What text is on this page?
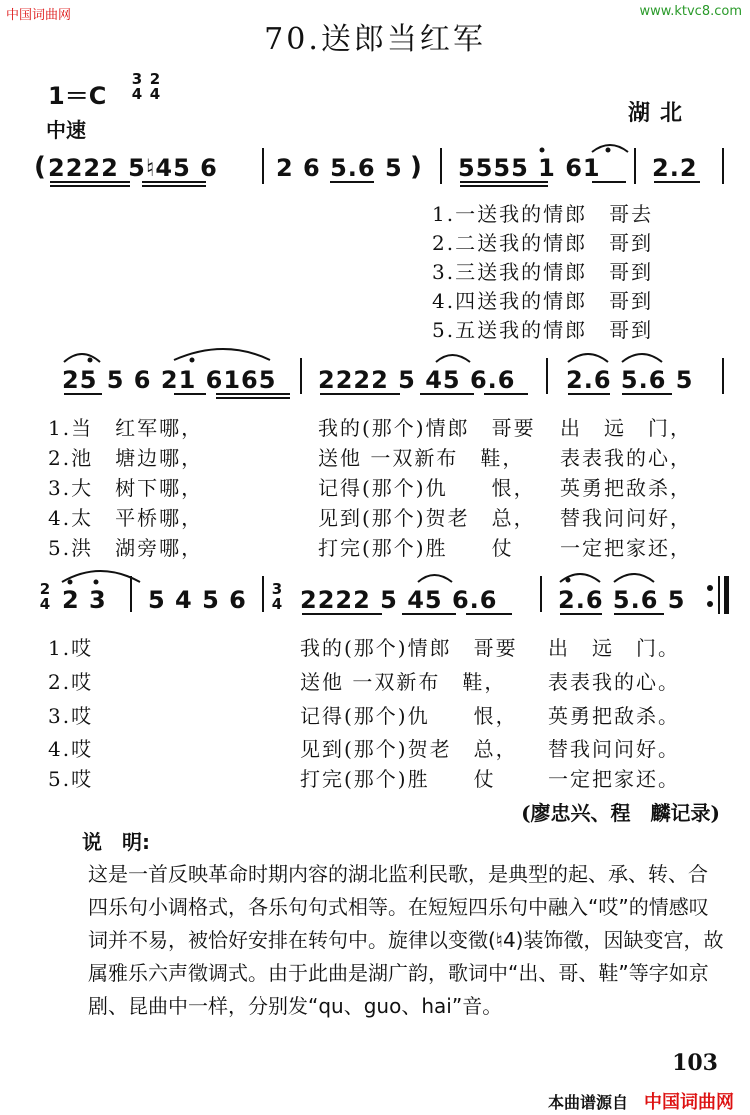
中国词曲网	www.ktvc8.com
70.送郎当红军
1＝C
3 2
4 4
中速
湖北
( 2222 5♮45 6 2 6 5.6 5 ) 5555 1 61 2.2
1.一送我的情郎　哥去
2.二送我的情郎　哥到
3.三送我的情郎　哥到
4.四送我的情郎　哥到
5.五送我的情郎　哥到
25 5 6 21 6165 2222 5 45 6.6 2.6 5.6 5
1.当　红军哪，	我的(那个)情郎　哥要 出　远　门，
2.池　塘边哪，	送他 一双新布　鞋， 表表我的心，
3.大　树下哪，	记得(那个)仇　　恨， 英勇把敌杀，
4.太　平桥哪，	见到(那个)贺老　总， 替我问问好，
5.洪　湖旁哪，	打完(那个)胜　　仗 一定把家还，
2
4 2 3 5 4 5 6 3
4 2222 5 45 6.6	2.6 5.6 5
1.哎	我的(那个)情郎　哥要 出　远　门。
2.哎	送他 一双新布　鞋， 表表我的心。
3.哎	记得(那个)仇　　恨， 英勇把敌杀。
4.哎	见到(那个)贺老　总， 替我问问好。
5.哎	打完(那个)胜　　仗	一定把家还。
(廖忠兴、程　麟记录)
说　明:
这是一首反映革命时期内容的湖北监利民歌，是典型的起、承、转、合四乐句小调格式，各乐句句式相等。在短短四乐句中融入“哎”的情感叹词并不易，被恰好安排在转句中。旋律以变徵(♮4)装饰徵，因缺变宫，故属雅乐六声徵调式。由于此曲是湖广韵，歌词中“出、哥、鞋”等字如京剧、昆曲中一样，分别发“qu、guo、hai”音。
103
本曲谱源自 中国词曲网
